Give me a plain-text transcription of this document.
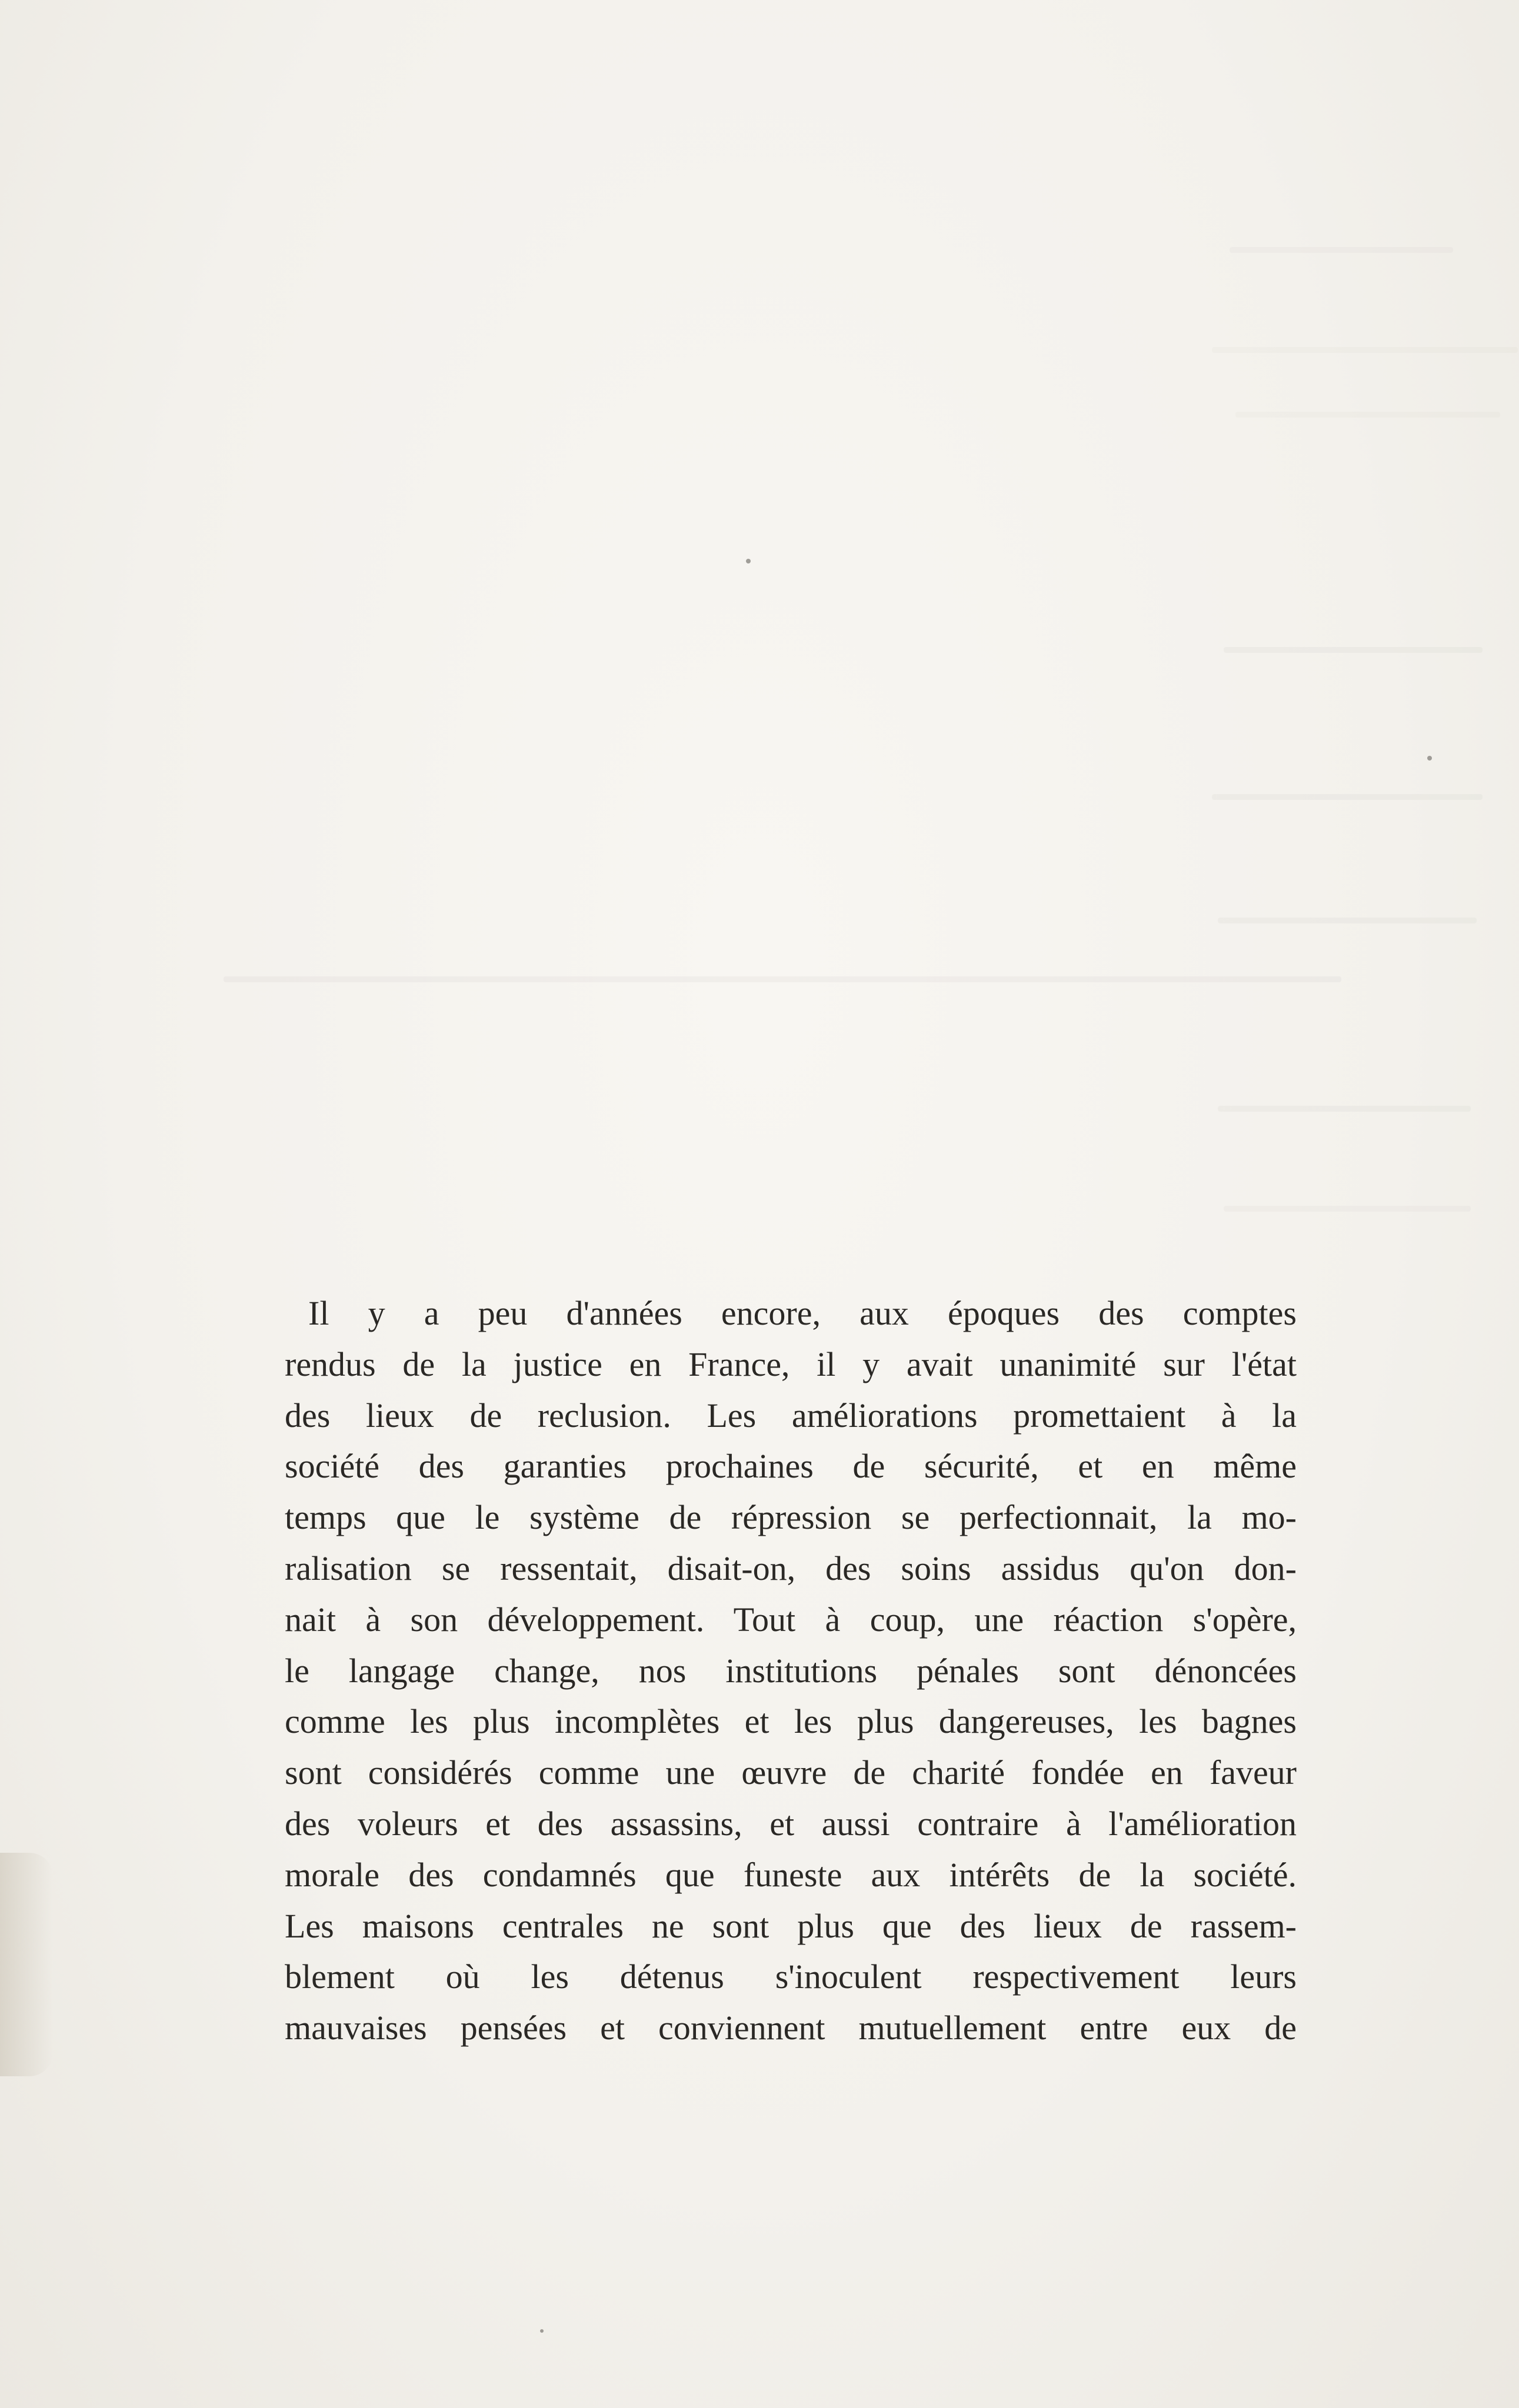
Il y a peu d'années encore, aux époques des comptes
rendus de la justice en France, il y avait unanimité sur l'état
des lieux de reclusion. Les améliorations promettaient à la
société des garanties prochaines de sécurité, et en même
temps que le système de répression se perfectionnait, la mo-
ralisation se ressentait, disait-on, des soins assidus qu'on don-
nait à son développement. Tout à coup, une réaction s'opère,
le langage change, nos institutions pénales sont dénoncées
comme les plus incomplètes et les plus dangereuses, les bagnes
sont considérés comme une œuvre de charité fondée en faveur
des voleurs et des assassins, et aussi contraire à l'amélioration
morale des condamnés que funeste aux intérêts de la société.
Les maisons centrales ne sont plus que des lieux de rassem-
blement où les détenus s'inoculent respectivement leurs
mauvaises pensées et conviennent mutuellement entre eux de
